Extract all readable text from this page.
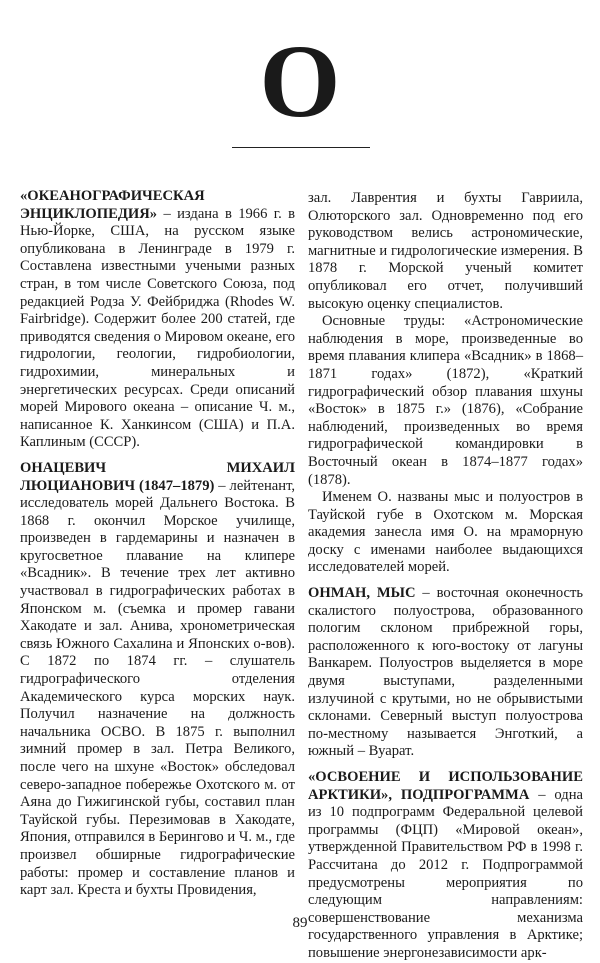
О

«ОКЕАНОГРАФИЧЕСКАЯ ЭНЦИКЛОПЕДИЯ» – издана в 1966 г. в Нью-Йорке, США, на русском языке опубликована в Ленинграде в 1979 г. Составлена известными учеными разных стран, в том числе Советского Союза, под редакцией Родза У. Фейбриджа (Rhodes W. Fairbridge). Содержит более 200 статей, где приводятся сведения о Мировом океане, его гидрологии, геологии, гидробиологии, гидрохимии, минеральных и энергетических ресурсах. Среди описаний морей Мирового океана – описание Ч. м., написанное К. Ханкинсом (США) и П.А. Каплиным (СССР).

ОНАЦЕВИЧ МИХАИЛ ЛЮЦИАНОВИЧ (1847–1879) – лейтенант, исследователь морей Дальнего Востока. В 1868 г. окончил Морское училище, произведен в гардемарины и назначен в кругосветное плавание на клипере «Всадник». В течение трех лет активно участвовал в гидрографических работах в Японском м. (съемка и промер гавани Хакодате и зал. Анива, хронометрическая связь Южного Сахалина и Японских о-вов). С 1872 по 1874 гг. – слушатель гидрографического отделения Академического курса морских наук. Получил назначение на должность начальника ОСВО. В 1875 г. выполнил зимний промер в зал. Петра Великого, после чего на шхуне «Восток» обследовал северо-западное побережье Охотского м. от Аяна до Гижигинской губы, составил план Тауйской губы. Перезимовав в Хакодате, Япония, отправился в Берингово и Ч. м., где произвел обширные гидрографические работы: промер и составление планов и карт зал. Креста и бухты Провидения,

зал. Лаврентия и бухты Гавриила, Олюторского зал. Одновременно под его руководством велись астрономические, магнитные и гидрологические измерения. В 1878 г. Морской ученый комитет опубликовал его отчет, получивший высокую оценку специалистов.

Основные труды: «Астрономические наблюдения в море, произведенные во время плавания клипера «Всадник» в 1868–1871 годах» (1872), «Краткий гидрографический обзор плавания шхуны «Восток» в 1875 г.» (1876), «Собрание наблюдений, произведенных во время гидрографической командировки в Восточный океан в 1874–1877 годах» (1878).

Именем О. названы мыс и полуостров в Тауйской губе в Охотском м. Морская академия занесла имя О. на мраморную доску с именами наиболее выдающихся исследователей морей.

ОНМАН, МЫС – восточная оконечность скалистого полуострова, образованного пологим склоном прибрежной горы, расположенного к юго-востоку от лагуны Ванкарем. Полуостров выделяется в море двумя выступами, разделенными излучиной с крутыми, но не обрывистыми склонами. Северный выступ полуострова по-местному называется Энготкий, а южный – Вуарат.

«ОСВОЕНИЕ И ИСПОЛЬЗОВАНИЕ АРКТИКИ», ПОДПРОГРАММА – одна из 10 подпрограмм Федеральной целевой программы (ФЦП) «Мировой океан», утвержденной Правительством РФ в 1998 г. Рассчитана до 2012 г. Подпрограммой предусмотрены мероприятия по следующим направлениям: совершенствование механизма государственного управления в Арктике; повышение энергонезависимости арк-

89
